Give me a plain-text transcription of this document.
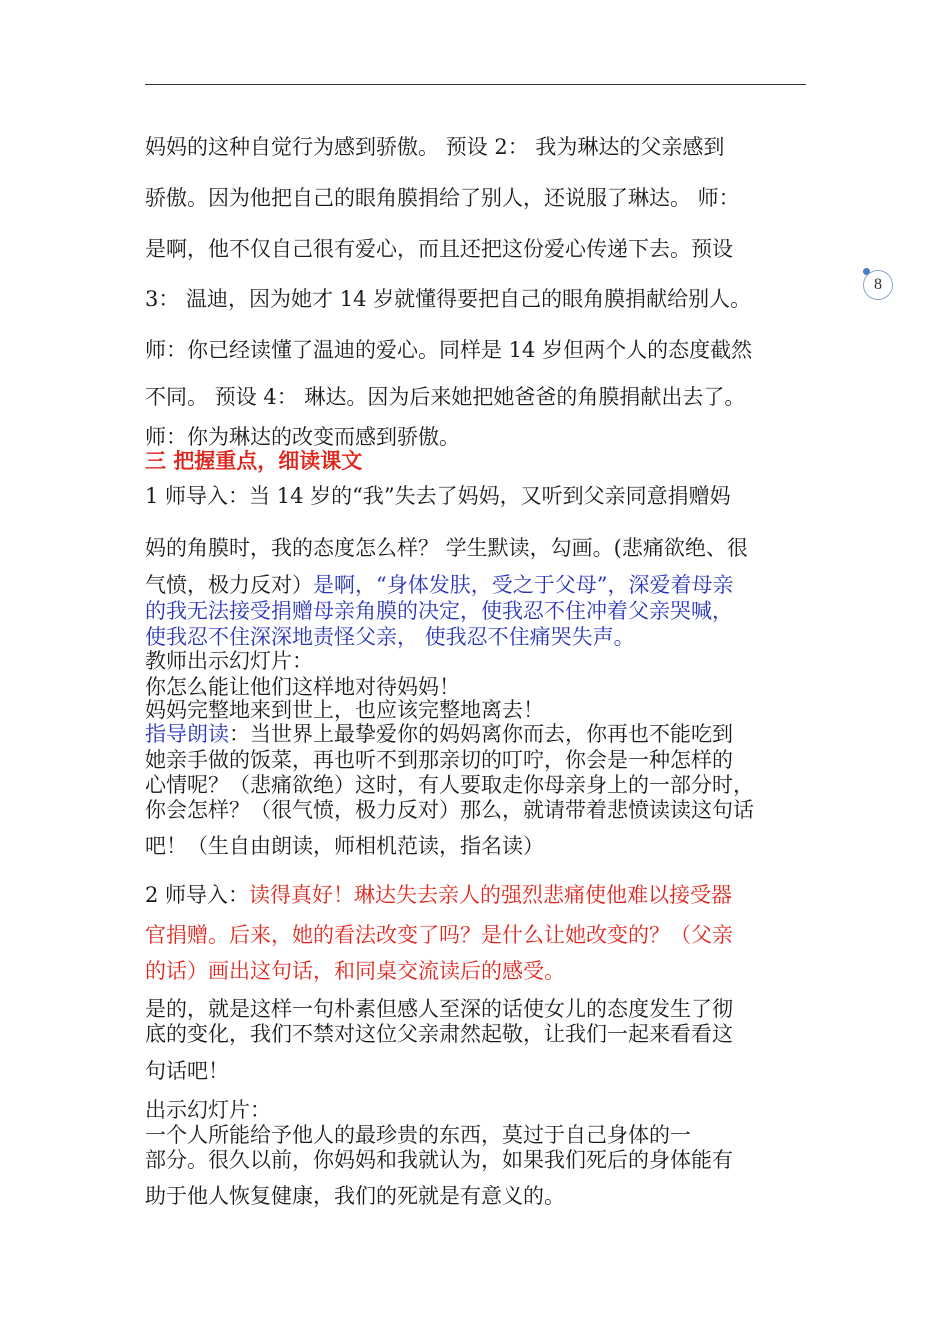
8
妈妈的这种自觉行为感到骄傲。 预设 2： 我为琳达的父亲感到
骄傲。因为他把自己的眼角膜捐给了别人，还说服了琳达。 师：
是啊，他不仅自己很有爱心，而且还把这份爱心传递下去。预设
3： 温迪，因为她才 14 岁就懂得要把自己的眼角膜捐献给别人。
师：你已经读懂了温迪的爱心。同样是 14 岁但两个人的态度截然
不同。 预设 4： 琳达。因为后来她把她爸爸的角膜捐献出去了。
师：你为琳达的改变而感到骄傲。
三 把握重点，细读课文
1 师导入：当 14 岁的“我”失去了妈妈，又听到父亲同意捐赠妈
妈的角膜时，我的态度怎么样？ 学生默读，勾画。(悲痛欲绝、很
气愤，极力反对）是啊，“身体发肤，受之于父母”，深爱着母亲
的我无法接受捐赠母亲角膜的决定，使我忍不住冲着父亲哭喊，
使我忍不住深深地责怪父亲， 使我忍不住痛哭失声。
教师出示幻灯片：
你怎么能让他们这样地对待妈妈！
妈妈完整地来到世上，也应该完整地离去！
指导朗读：当世界上最挚爱你的妈妈离你而去，你再也不能吃到
她亲手做的饭菜，再也听不到那亲切的叮咛，你会是一种怎样的
心情呢？（悲痛欲绝）这时，有人要取走你母亲身上的一部分时，
你会怎样？（很气愤，极力反对）那么，就请带着悲愤读读这句话
吧！（生自由朗读，师相机范读，指名读）
2 师导入：读得真好！琳达失去亲人的强烈悲痛使他难以接受器
官捐赠。后来，她的看法改变了吗？是什么让她改变的？（父亲
的话）画出这句话，和同桌交流读后的感受。
是的，就是这样一句朴素但感人至深的话使女儿的态度发生了彻
底的变化，我们不禁对这位父亲肃然起敬，让我们一起来看看这
句话吧！
出示幻灯片：
一个人所能给予他人的最珍贵的东西，莫过于自己身体的一
部分。很久以前，你妈妈和我就认为，如果我们死后的身体能有
助于他人恢复健康，我们的死就是有意义的。
